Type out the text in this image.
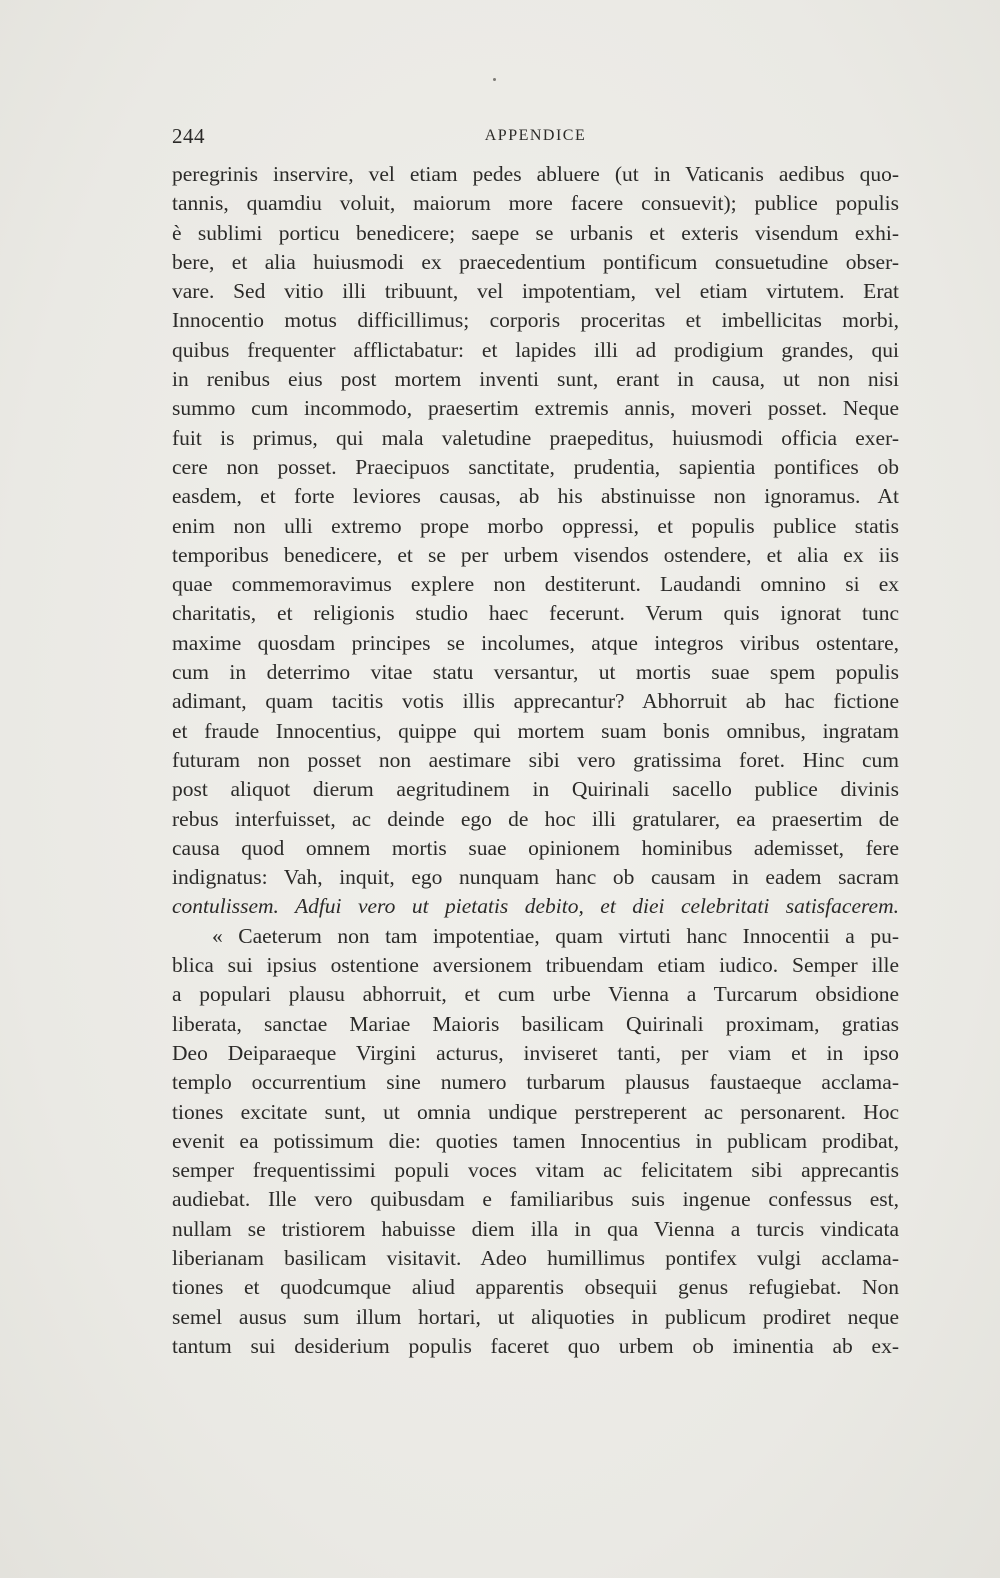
244	APPENDICE
peregrinis inservire, vel etiam pedes abluere (ut in Vaticanis aedibus quo-
tannis, quamdiu voluit, maiorum more facere consuevit); publice populis
è sublimi porticu benedicere; saepe se urbanis et exteris visendum exhi-
bere, et alia huiusmodi ex praecedentium pontificum consuetudine obser-
vare. Sed vitio illi tribuunt, vel impotentiam, vel etiam virtutem. Erat
Innocentio motus difficillimus; corporis proceritas et imbellicitas morbi,
quibus frequenter afflictabatur: et lapides illi ad prodigium grandes, qui
in renibus eius post mortem inventi sunt, erant in causa, ut non nisi
summo cum incommodo, praesertim extremis annis, moveri posset. Neque
fuit is primus, qui mala valetudine praepeditus, huiusmodi officia exer-
cere non posset. Praecipuos sanctitate, prudentia, sapientia pontifices ob
easdem, et forte leviores causas, ab his abstinuisse non ignoramus. At
enim non ulli extremo prope morbo oppressi, et populis publice statis
temporibus benedicere, et se per urbem visendos ostendere, et alia ex iis
quae commemoravimus explere non destiterunt. Laudandi omnino si ex
charitatis, et religionis studio haec fecerunt. Verum quis ignorat tunc
maxime quosdam principes se incolumes, atque integros viribus ostentare,
cum in deterrimo vitae statu versantur, ut mortis suae spem populis
adimant, quam tacitis votis illis apprecantur? Abhorruit ab hac fictione
et fraude Innocentius, quippe qui mortem suam bonis omnibus, ingratam
futuram non posset non aestimare sibi vero gratissima foret. Hinc cum
post aliquot dierum aegritudinem in Quirinali sacello publice divinis
rebus interfuisset, ac deinde ego de hoc illi gratularer, ea praesertim de
causa quod omnem mortis suae opinionem hominibus ademisset, fere
indignatus: Vah, inquit, ego nunquam hanc ob causam in eadem sacram
contulissem. Adfui vero ut pietatis debito, et diei celebritati satisfacerem.
« Caeterum non tam impotentiae, quam virtuti hanc Innocentii a pu-
blica sui ipsius ostentione aversionem tribuendam etiam iudico. Semper ille
a populari plausu abhorruit, et cum urbe Vienna a Turcarum obsidione
liberata, sanctae Mariae Maioris basilicam Quirinali proximam, gratias
Deo Deiparaeque Virgini acturus, inviseret tanti, per viam et in ipso
templo occurrentium sine numero turbarum plausus faustaeque acclama-
tiones excitate sunt, ut omnia undique perstreperent ac personarent. Hoc
evenit ea potissimum die: quoties tamen Innocentius in publicam prodibat,
semper frequentissimi populi voces vitam ac felicitatem sibi apprecantis
audiebat. Ille vero quibusdam e familiaribus suis ingenue confessus est,
nullam se tristiorem habuisse diem illa in qua Vienna a turcis vindicata
liberianam basilicam visitavit. Adeo humillimus pontifex vulgi acclama-
tiones et quodcumque aliud apparentis obsequii genus refugiebat. Non
semel ausus sum illum hortari, ut aliquoties in publicum prodiret neque
tantum sui desiderium populis faceret quo urbem ob iminentia ab ex-
